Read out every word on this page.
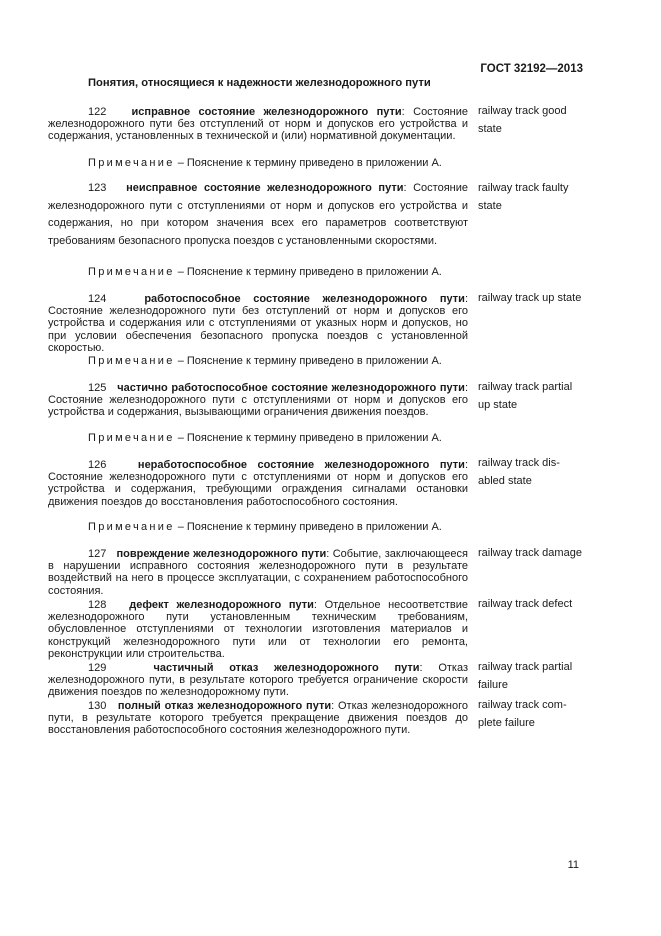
ГОСТ 32192—2013
Понятия, относящиеся к надежности железнодорожного пути

122 исправное состояние железнодорожного пути: Состояние железнодорожного пути без отступлений от норм и допусков его устройства и содержания, установленных в технической и (или) нормативной документации.

railway track good
state
Примечание – Пояснение к термину приведено в приложении А.

123 неисправное состояние железнодорожного пути: Состояние железнодорожного пути с отступлениями от норм и допусков его устройства и содержания, но при котором значения всех его параметров соответствуют требованиям безопасного пропуска поездов с установленными скоростями.

railway track faulty
state
Примечание – Пояснение к термину приведено в приложении А.

124	работоспособное состояние железнодорожного пути: Состояние железнодорожного пути без отступлений от норм и допусков его устройства и содержания или с отступлениями от указных норм и допусков, но при условии обеспечения безопасного пропуска поездов с установленной скоростью.

railway track up state
Примечание – Пояснение к термину приведено в приложении А.

125 частично работоспособное состояние железнодорожного пути: Состояние железнодорожного пути с отступлениями от норм и допусков его устройства и содержания, вызывающими ограничения движения поездов.

railway track partial
up state
Примечание – Пояснение к термину приведено в приложении А.

126	неработоспособное состояние железнодорожного пути: Состояние железнодорожного пути с отступлениями от норм и допусков его устройства и содержания, требующими ограждения сигналами остановки движения поездов до восстановления работоспособного состояния.

railway track dis-
abled state
Примечание – Пояснение к термину приведено в приложении А.

127 повреждение железнодорожного пути: Событие, заключающееся в нарушении исправного состояния железнодорожного пути в результате воздействий на него в процессе эксплуатации, с сохранением работоспособного состояния.

railway track damage

128 дефект железнодорожного пути: Отдельное несоответствие железнодорожного пути установленным техническим требованиям, обусловленное отступлениями от технологии изготовления материалов и конструкций железнодорожного пути или от технологии его ремонта, реконструкции или строительства.

railway track defect

129	частичный отказ железнодорожного пути: Отказ железнодорожного пути, в результате которого требуется ограничение скорости движения поездов по железнодорожному пути.

railway track partial
failure

130 полный отказ железнодорожного пути: Отказ железнодорожного пути, в результате которого требуется прекращение движения поездов до восстановления работоспособного состояния железнодорожного пути.

railway track com-
plete failure
11
